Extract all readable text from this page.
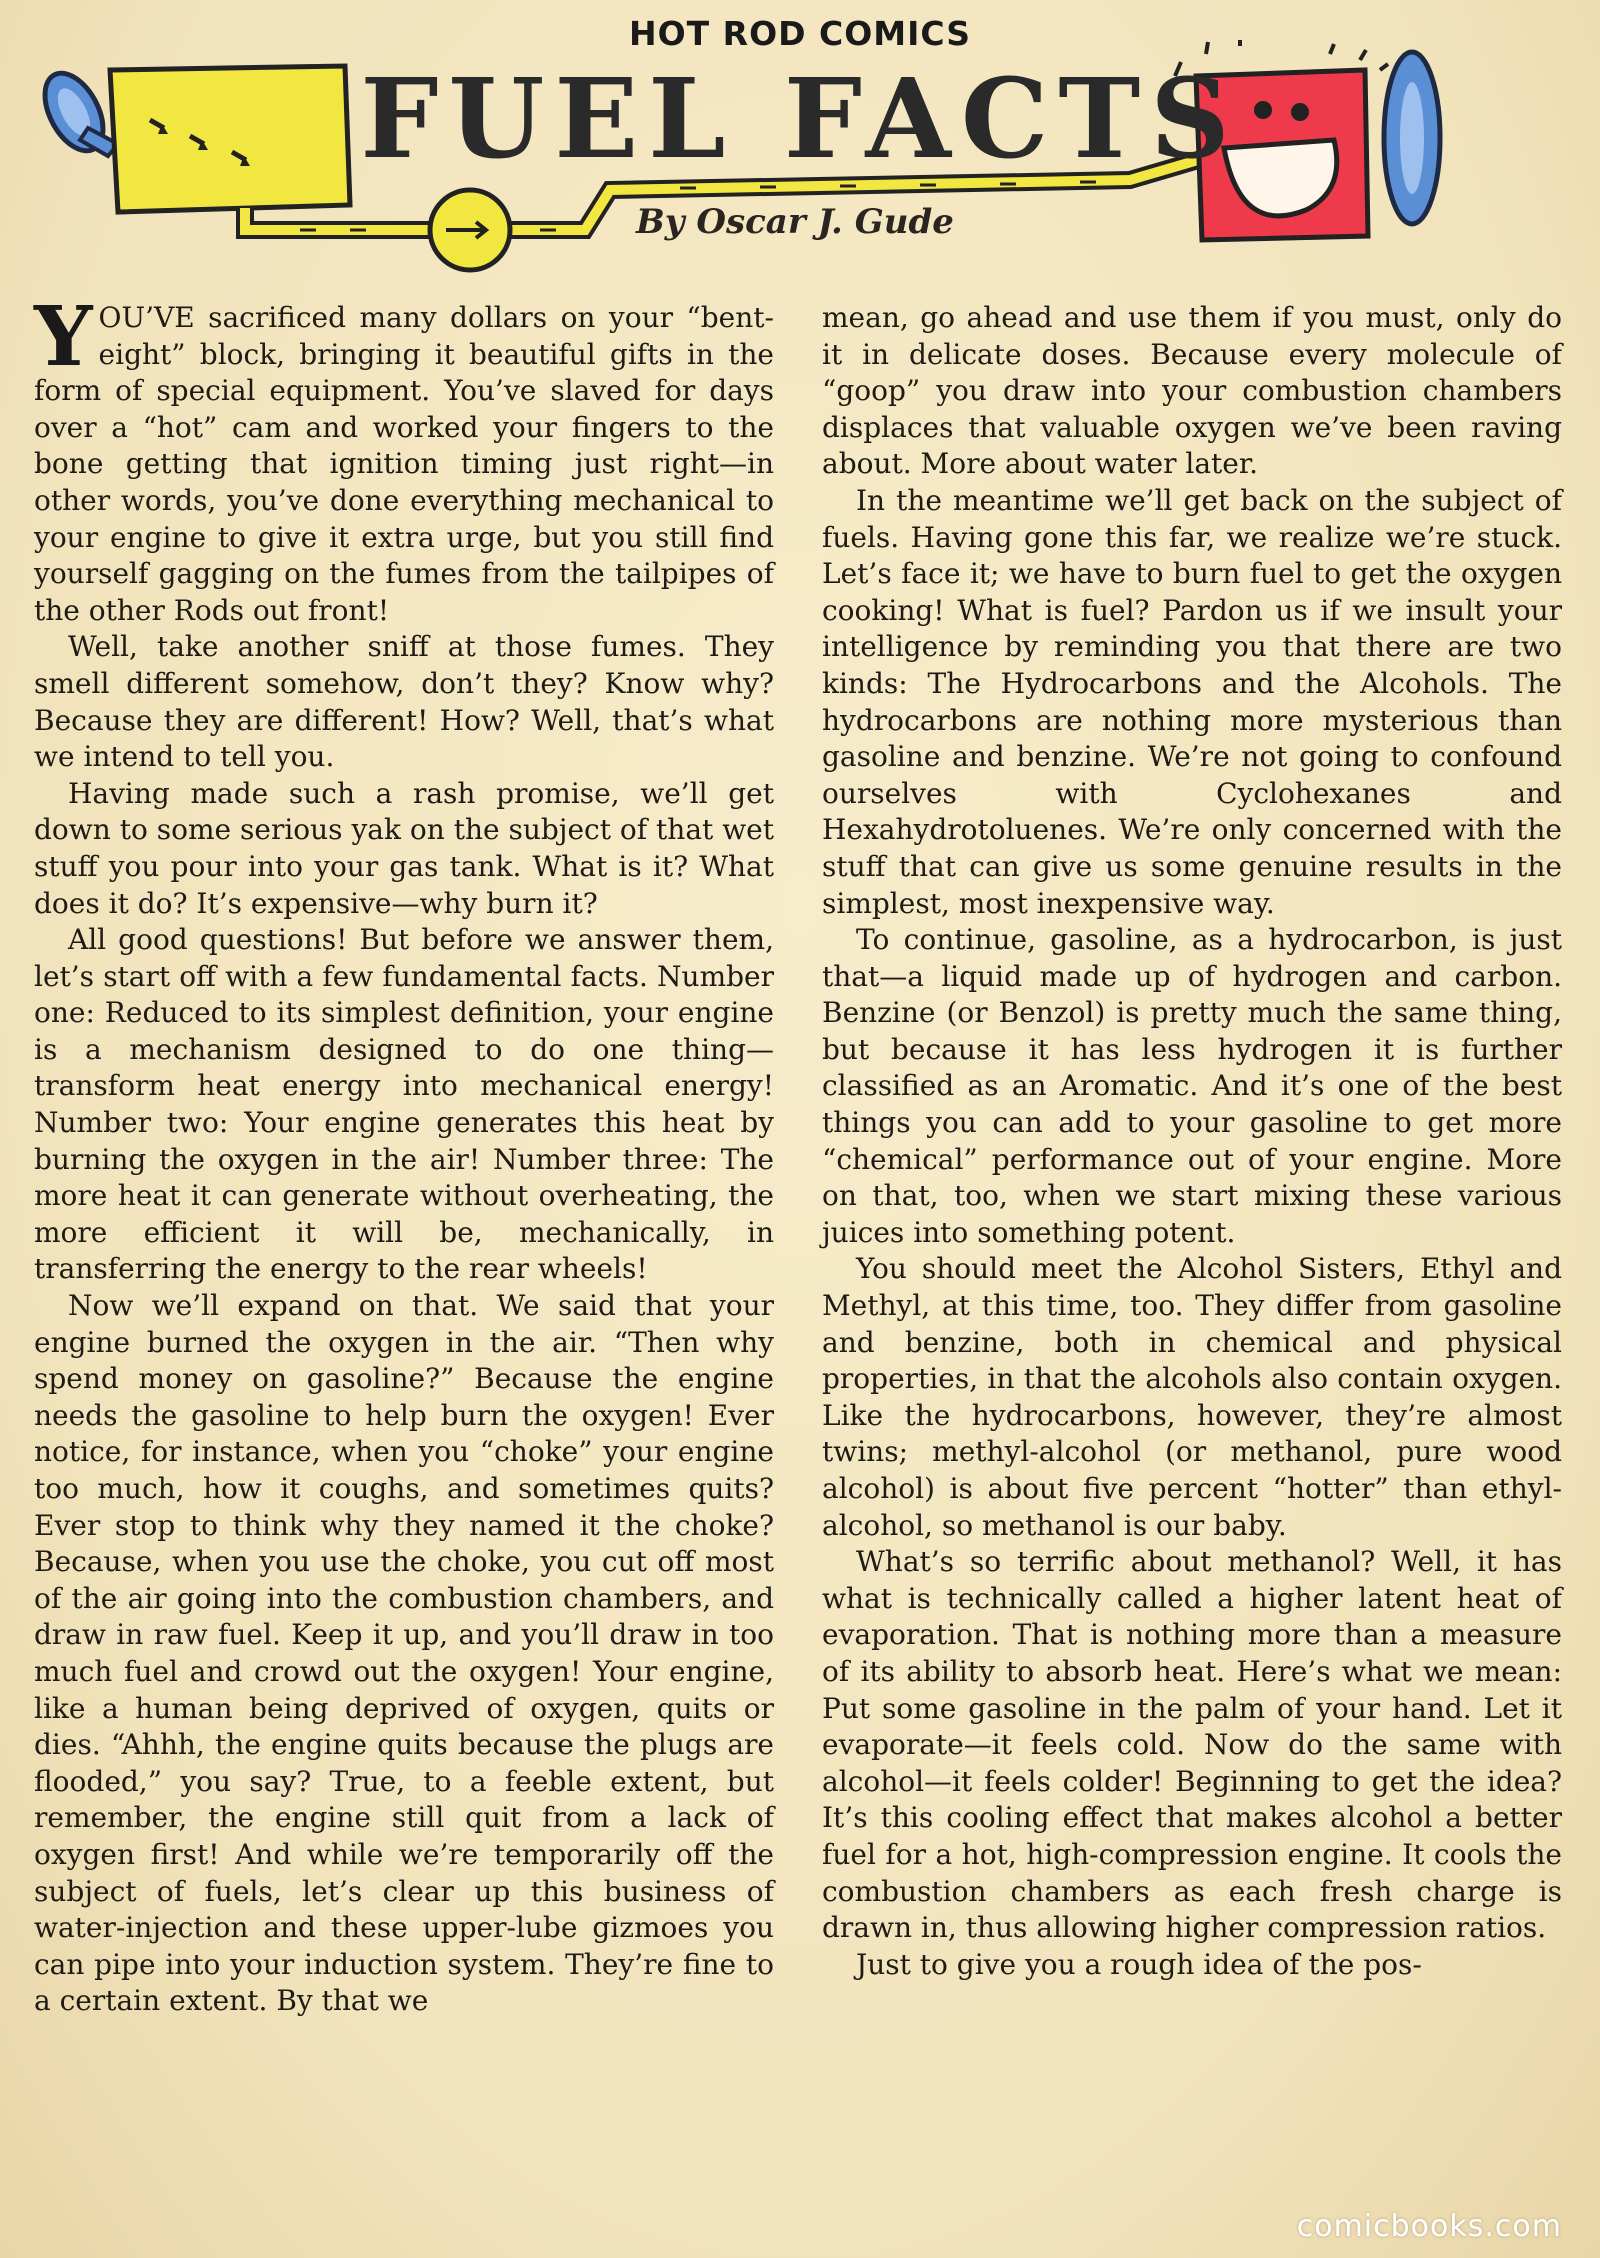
HOT ROD COMICS
FUEL FACTS
By Oscar J. Gude

YOU’VE sacrificed many dollars on your “bent-eight” block, bringing it beautiful gifts in the form of special equipment. You’ve slaved for days over a “hot” cam and worked your fingers to the bone getting that ignition timing just right—in other words, you’ve done everything mechanical to your engine to give it extra urge, but you still find yourself gagging on the fumes from the tailpipes of the other Rods out front!

Well, take another sniff at those fumes. They smell different somehow, don’t they? Know why? Because they are different! How? Well, that’s what we intend to tell you.

Having made such a rash promise, we’ll get down to some serious yak on the subject of that wet stuff you pour into your gas tank. What is it? What does it do? It’s expensive—why burn it?

All good questions! But before we answer them, let’s start off with a few fundamental facts. Number one: Reduced to its simplest definition, your engine is a mechanism designed to do one thing—transform heat energy into mechanical energy! Number two: Your engine generates this heat by burning the oxygen in the air! Number three: The more heat it can generate without overheating, the more efficient it will be, mechanically, in transferring the energy to the rear wheels!

Now we’ll expand on that. We said that your engine burned the oxygen in the air. “Then why spend money on gasoline?” Because the engine needs the gasoline to help burn the oxygen! Ever notice, for instance, when you “choke” your engine too much, how it coughs, and sometimes quits? Ever stop to think why they named it the choke? Because, when you use the choke, you cut off most of the air going into the combustion chambers, and draw in raw fuel. Keep it up, and you’ll draw in too much fuel and crowd out the oxygen! Your engine, like a human being deprived of oxygen, quits or dies. “Ahhh, the engine quits because the plugs are flooded,” you say? True, to a feeble extent, but remember, the engine still quit from a lack of oxygen first! And while we’re temporarily off the subject of fuels, let’s clear up this business of water-injection and these upper-lube gizmoes you can pipe into your induction system. They’re fine to a certain extent. By that we

mean, go ahead and use them if you must, only do it in delicate doses. Because every molecule of “goop” you draw into your combustion chambers displaces that valuable oxygen we’ve been raving about. More about water later.

In the meantime we’ll get back on the subject of fuels. Having gone this far, we realize we’re stuck. Let’s face it; we have to burn fuel to get the oxygen cooking! What is fuel? Pardon us if we insult your intelligence by reminding you that there are two kinds: The Hydrocarbons and the Alcohols. The hydrocarbons are nothing more mysterious than gasoline and benzine. We’re not going to confound ourselves with Cyclohexanes and Hexahydrotoluenes. We’re only concerned with the stuff that can give us some genuine results in the simplest, most inexpensive way.

To continue, gasoline, as a hydrocarbon, is just that—a liquid made up of hydrogen and carbon. Benzine (or Benzol) is pretty much the same thing, but because it has less hydrogen it is further classified as an Aromatic. And it’s one of the best things you can add to your gasoline to get more “chemical” performance out of your engine. More on that, too, when we start mixing these various juices into something potent.

You should meet the Alcohol Sisters, Ethyl and Methyl, at this time, too. They differ from gasoline and benzine, both in chemical and physical properties, in that the alcohols also contain oxygen. Like the hydrocarbons, however, they’re almost twins; methyl-alcohol (or methanol, pure wood alcohol) is about five percent “hotter” than ethyl-alcohol, so methanol is our baby.

What’s so terrific about methanol? Well, it has what is technically called a higher latent heat of evaporation. That is nothing more than a measure of its ability to absorb heat. Here’s what we mean: Put some gasoline in the palm of your hand. Let it evaporate—it feels cold. Now do the same with alcohol—it feels colder! Beginning to get the idea? It’s this cooling effect that makes alcohol a better fuel for a hot, high-compression engine. It cools the combustion chambers as each fresh charge is drawn in, thus allowing higher compression ratios.

Just to give you a rough idea of the pos-

comicbooks.com
